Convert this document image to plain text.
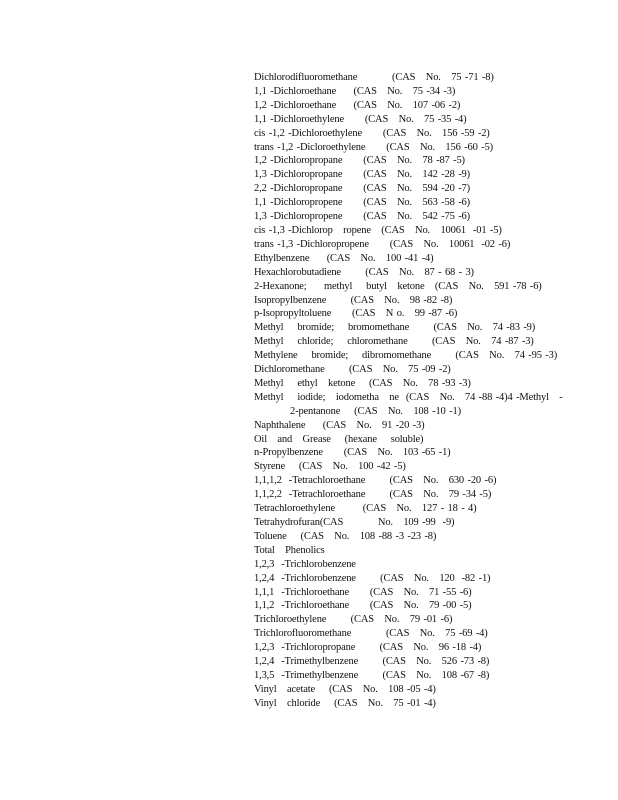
Dichlorodifluoromethane          (CAS   No.   75 -71 -8)
1,1 -Dichloroethane     (CAS   No.   75 -34 -3)
1,2 -Dichloroethane     (CAS   No.   107 -06 -2)
1,1 -Dichloroethylene      (CAS   No.   75 -35 -4)
cis -1,2 -Dichloroethylene      (CAS   No.   156 -59 -2)
trans -1,2 -Dicloroethylene      (CAS   No.   156 -60 -5)
1,2 -Dichloropropane      (CAS   No.   78 -87 -5)
1,3 -Dichloropropane      (CAS   No.   142 -28 -9)
2,2 -Dichloropropane      (CAS   No.   594 -20 -7)
1,1 -Dichloropropene      (CAS   No.   563 -58 -6)
1,3 -Dichloropropene      (CAS   No.   542 -75 -6)
cis -1,3 -Dichlorop   ropene   (CAS   No.   10061  -01 -5)
trans -1,3 -Dichloropropene      (CAS   No.   10061  -02 -6)
Ethylbenzene     (CAS   No.   100 -41 -4)
Hexachlorobutadiene       (CAS   No.   87 - 68 - 3)
2-Hexanone;     methyl    butyl   ketone   (CAS   No.   591 -78 -6)
Isopropylbenzene       (CAS   No.   98 -82 -8)
p-Isopropyltoluene      (CAS   N o.   99 -87 -6)
Methyl    bromide;    bromomethane       (CAS   No.   74 -83 -9)
Methyl    chloride;    chloromethane       (CAS   No.   74 -87 -3)
Methylene    bromide;    dibromomethane       (CAS   No.   74 -95 -3)
Dichloromethane       (CAS   No.   75 -09 -2)
Methyl    ethyl   ketone    (CAS   No.   78 -93 -3)
Methyl    iodide;   iodometha   ne  (CAS   No.   74 -88 -4)4 -Methyl   -
2-pentanone    (CAS   No.   108 -10 -1)
Naphthalene     (CAS   No.   91 -20 -3)
Oil   and   Grease    (hexane    soluble)
n-Propylbenzene      (CAS   No.   103 -65 -1)
Styrene    (CAS   No.   100 -42 -5)
1,1,1,2  -Tetrachloroethane       (CAS   No.   630 -20 -6)
1,1,2,2  -Tetrachloroethane       (CAS   No.   79 -34 -5)
Tetrachloroethylene        (CAS   No.   127 - 18 - 4)
Tetrahydrofuran(CAS          No.   109 -99  -9)
Toluene    (CAS   No.   108 -88 -3 -23 -8)
Total   Phenolics
1,2,3  -Trichlorobenzene
1,2,4  -Trichlorobenzene       (CAS   No.   120  -82 -1)
1,1,1  -Trichloroethane      (CAS   No.   71 -55 -6)
1,1,2  -Trichloroethane      (CAS   No.   79 -00 -5)
Trichloroethylene       (CAS   No.   79 -01 -6)
Trichlorofluoromethane          (CAS   No.   75 -69 -4)
1,2,3  -Trichloropropane       (CAS   No.   96 -18 -4)
1,2,4  -Trimethylbenzene       (CAS   No.   526 -73 -8)
1,3,5  -Trimethylbenzene       (CAS   No.   108 -67 -8)
Vinyl   acetate    (CAS   No.   108 -05 -4)
Vinyl   chloride    (CAS   No.   75 -01 -4)
